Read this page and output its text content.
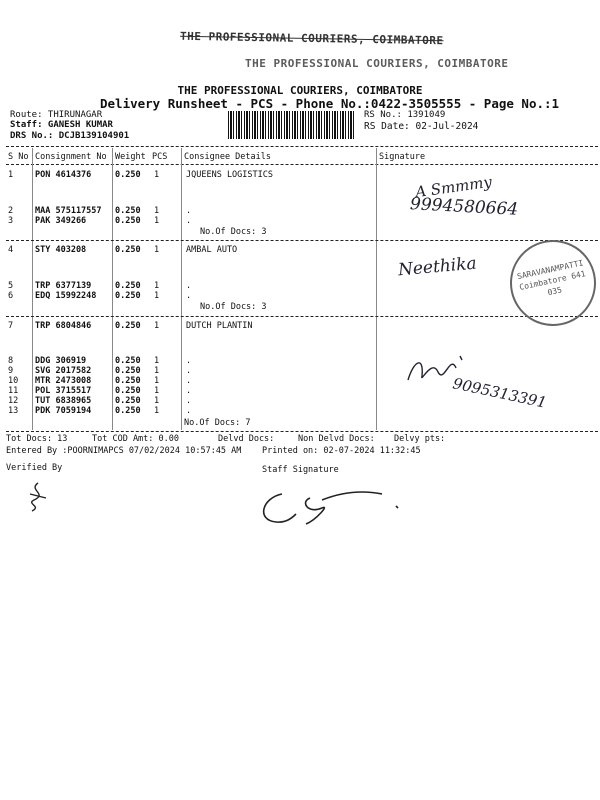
THE PROFESSIONAL COURIERS, COIMBATORE
THE PROFESSIONAL COURIERS, COIMBATORE
THE PROFESSIONAL COURIERS, COIMBATORE
Delivery Runsheet - PCS - Phone No.:0422-3505555 - Page No.:1
Route: THIRUNAGAR
Staff: GANESH KUMAR
DRS No.: DCJB139104901
RS No.: 1391049
RS Date: 02-Jul-2024
S No Consignment No Weight PCS Consignee Details	Signature
1	PON 4614376	0.250 1	JQUEENS LOGISTICS
2	MAA 575117557 0.250 1	.
3	PAK 349266	0.250 1	.
No.Of Docs: 3
4	STY 403208	0.250 1	AMBAL AUTO
5	TRP 6377139	0.250 1	.
6	EDQ 15992248 0.250 1	.
No.Of Docs: 3
7	TRP 6804846	0.250 1	DUTCH PLANTIN
8	DDG 306919	0.250 1	.
9	SVG 2017582	0.250 1	.
10 MTR 2473008	0.250 1	.
11 POL 3715517	0.250 1	.
12 TUT 6838965	0.250 1	.
13 PDK 7059194	0.250 1	.
No.Of Docs: 7
A Smmmy
9994580664
Neethika	SARAVANAMPATTI Coimbatore 641 035
9095313391
Tot Docs: 13	Tot COD Amt: 0.00	Delvd Docs:	Non Delvd Docs: Delvy pts:
Entered By :POORNIMAPCS 07/02/2024 10:57:45 AM Printed on: 02-07-2024 11:32:45
Verified By	Staff Signature
